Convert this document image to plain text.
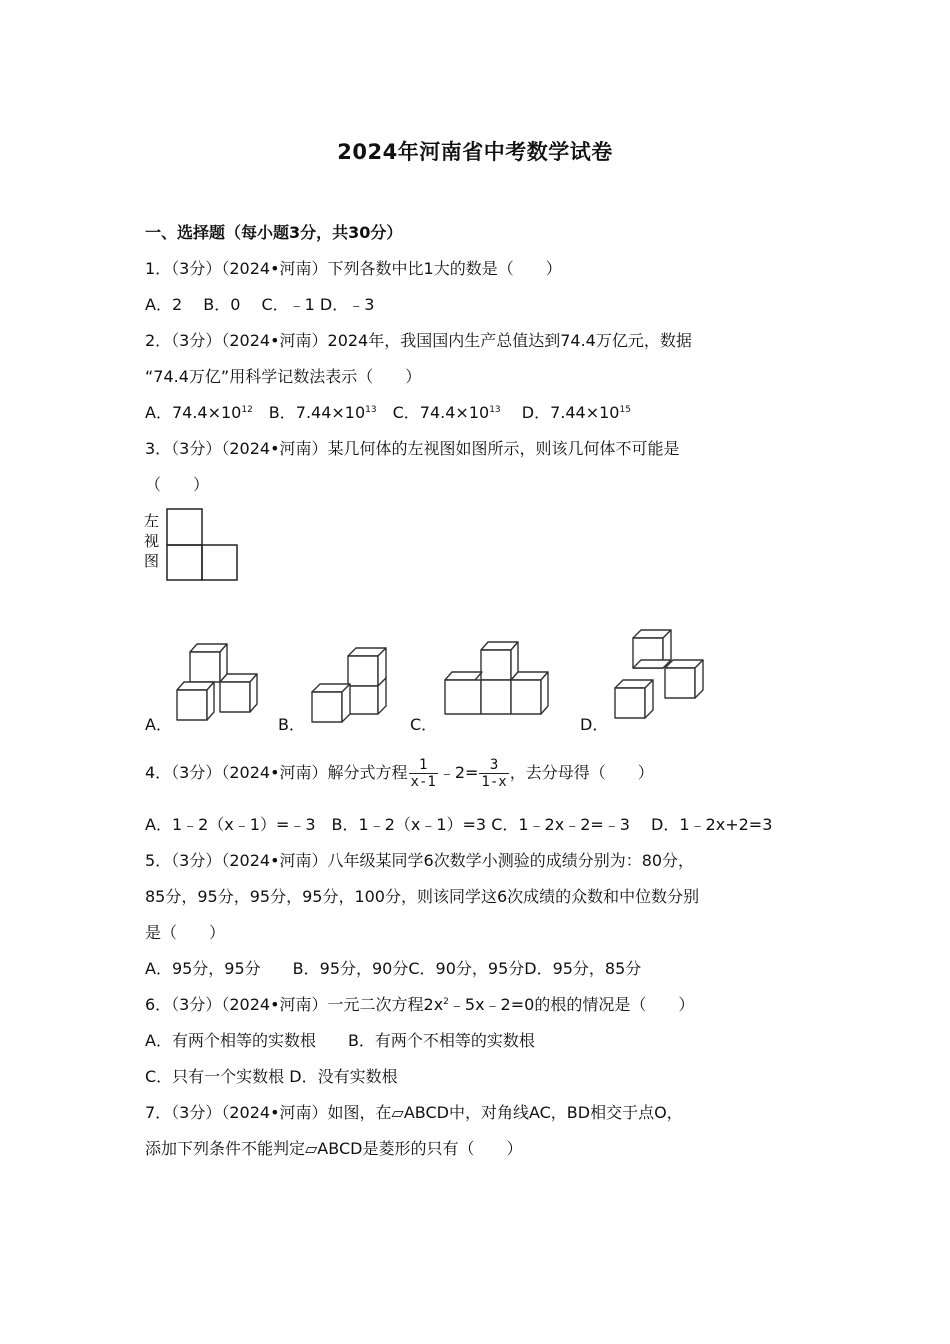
2024年河南省中考数学试卷
一、选择题（每小题3分，共30分）
1．（3分）（2024•河南）下列各数中比1大的数是（　　）
A．2　 B．0　 C．﹣1 D．﹣3
2．（3分）（2024•河南）2024年，我国国内生产总值达到74.4万亿元，数据
“74.4万亿”用科学记数法表示（　　）
A．$74.4\times 10^{12}$　B．$7.44\times 10^{13}$　C．$74.4\times 10^{13}$　 D．$7.44\times 10^{15}$
3．（3分）（2024•河南）某几何体的左视图如图所示，则该几何体不可能是
（　　）
左
视
图
A．	B．	C．	D．
4．（3分）（2024•河南）解分式方程 $\frac{1}{x-1}$ ﹣2= $\frac{3}{1-x}$ ，去分母得（　　）
A．1﹣2（x﹣1）=﹣3　B．1﹣2（x﹣1）=3 C．1﹣2x﹣2=﹣3　 D．1﹣2x+2=3
5．（3分）（2024•河南）八年级某同学6次数学小测验的成绩分别为：80分，
85分，95分，95分，95分，100分，则该同学这6次成绩的众数和中位数分别
是（　　）
A．95分，95分　　B．95分，90分C．90分，95分D．95分，85分
6．（3分）（2024•河南）一元二次方程$2x^2﹣5x﹣2=0$的根的情况是（　　）
A．有两个相等的实数根　　B．有两个不相等的实数根
C．只有一个实数根 D．没有实数根
7．（3分）（2024•河南）如图，在▱ABCD中，对角线AC，BD相交于点O，
添加下列条件不能判定▱ABCD是菱形的只有（　　）
